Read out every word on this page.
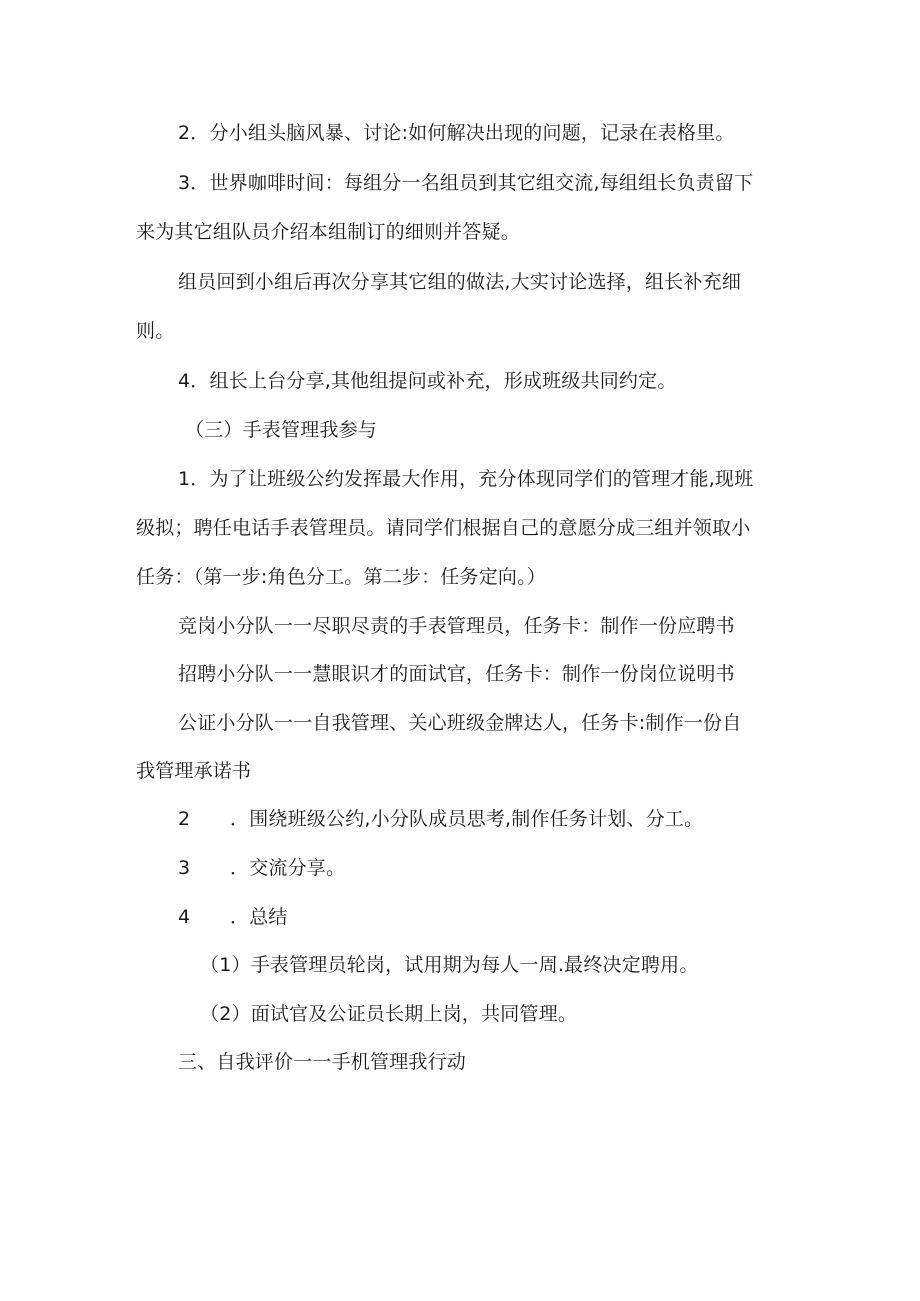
2．分小组头脑风暴、讨论:如何解决出现的问题，记录在表格里。
3．世界咖啡时间：每组分一名组员到其它组交流,每组组长负责留下
来为其它组队员介绍本组制订的细则并答疑。
组员回到小组后再次分享其它组的做法,大实讨论选择，组长补充细
则。
4．组长上台分享,其他组提问或补充，形成班级共同约定。
（三）手表管理我参与
1．为了让班级公约发挥最大作用，充分体现同学们的管理才能,现班
级拟；聘任电话手表管理员。请同学们根据自己的意愿分成三组并领取小
任务：（第一步:角色分工。第二步：任务定向。）
竞岗小分队一一尽职尽责的手表管理员，任务卡：制作一份应聘书
招聘小分队一一慧眼识才的面试官，任务卡：制作一份岗位说明书
公证小分队一一自我管理、关心班级金牌达人，任务卡:制作一份自
我管理承诺书
2 ．围绕班级公约,小分队成员思考,制作任务计划、分工。
3 ．交流分享。
4 ．总结
（1）手表管理员轮岗，试用期为每人一周.最终决定聘用。
（2）面试官及公证员长期上岗，共同管理。
三、自我评价一一手机管理我行动
